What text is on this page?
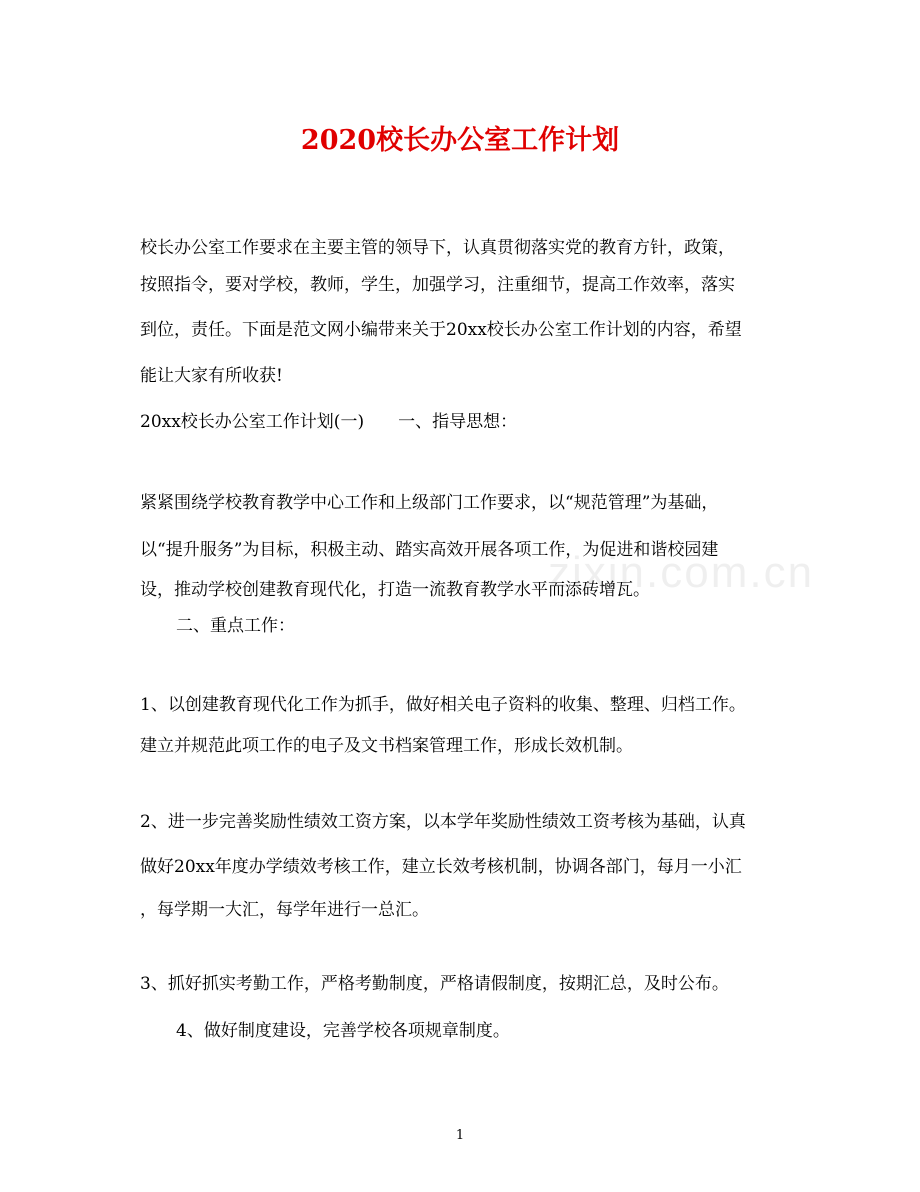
2020校长办公室工作计划
校长办公室工作要求在主要主管的领导下，认真贯彻落实党的教育方针，政策，
按照指令，要对学校，教师，学生，加强学习，注重细节，提高工作效率，落实
到位，责任。下面是范文网小编带来关于20xx校长办公室工作计划的内容，希望
能让大家有所收获!
20xx校长办公室工作计划(一)　　一、指导思想：
紧紧围绕学校教育教学中心工作和上级部门工作要求，以“规范管理”为基础，
以“提升服务”为目标，积极主动、踏实高效开展各项工作，为促进和谐校园建
设，推动学校创建教育现代化，打造一流教育教学水平而添砖增瓦。
二、重点工作：
1、以创建教育现代化工作为抓手，做好相关电子资料的收集、整理、归档工作。
建立并规范此项工作的电子及文书档案管理工作，形成长效机制。
2、进一步完善奖励性绩效工资方案，以本学年奖励性绩效工资考核为基础，认真
做好20xx年度办学绩效考核工作，建立长效考核机制，协调各部门，每月一小汇
，每学期一大汇，每学年进行一总汇。
3、抓好抓实考勤工作，严格考勤制度，严格请假制度，按期汇总，及时公布。
4、做好制度建设，完善学校各项规章制度。
zixin.com.cn
1
